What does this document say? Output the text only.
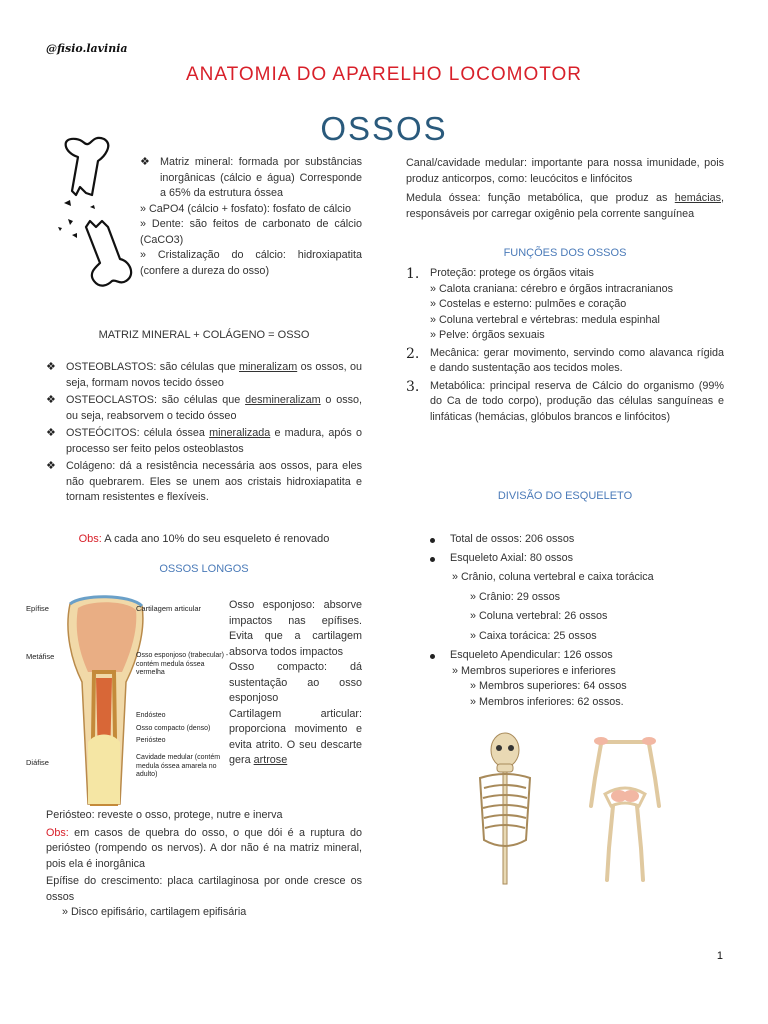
@fisio.lavinia
ANATOMIA DO APARELHO LOCOMOTOR
OSSOS
❖ Matriz mineral: formada por substâncias inorgânicas (cálcio e água) Corresponde a 65% da estrutura óssea

» CaPO4 (cálcio + fosfato): fosfato de cálcio

» Dente: são feitos de carbonato de cálcio (CaCO3)

» Cristalização do cálcio: hidroxiapatita (confere a dureza do osso)

MATRIZ MINERAL + COLÁGENO = OSSO
❖ OSTEOBLASTOS: são células que mineralizam os ossos, ou seja, formam novos tecido ósseo

❖ OSTEOCLASTOS: são células que desmineralizam o osso, ou seja, reabsorvem o tecido ósseo

❖ OSTEÓCITOS: célula óssea mineralizada e madura, após o processo ser feito pelos osteoblastos

❖ Colágeno: dá a resistência necessária aos ossos, para eles não quebrarem. Eles se unem aos cristais hidroxiapatita e tornam resistentes e flexíveis.

Obs: A cada ano 10% do seu esqueleto é renovado
OSSOS LONGOS
Epífise
Metáfise
Diáfise
Cartilagem articular
Osso esponjoso (trabecular) - contém medula óssea vermelha
Endósteo
Osso compacto (denso)
Periósteo
Cavidade medular (contém medula óssea amarela no adulto)

Osso esponjoso: absorve impactos nas epífises. Evita que a cartilagem absorva todos impactos

Osso compacto: dá sustentação ao osso esponjoso

Cartilagem articular: proporciona movimento e evita atrito. O seu descarte gera artrose

Periósteo: reveste o osso, protege, nutre e inerva

Obs: em casos de quebra do osso, o que dói é a ruptura do periósteo (rompendo os nervos). A dor não é na matriz mineral, pois ela é inorgânica

Epífise do crescimento: placa cartilaginosa por onde cresce os ossos

» Disco epifisário, cartilagem epifisária

Canal/cavidade medular: importante para nossa imunidade, pois produz anticorpos, como: leucócitos e linfócitos

Medula óssea: função metabólica, que produz as hemácias, responsáveis por carregar oxigênio pela corrente sanguínea

FUNÇÕES DOS OSSOS
1. Proteção: protege os órgãos vitais

» Calota craniana: cérebro e órgãos intracranianos

» Costelas e esterno: pulmões e coração

» Coluna vertebral e vértebras: medula espinhal

» Pelve: órgãos sexuais

2. Mecânica: gerar movimento, servindo como alavanca rígida e dando sustentação aos tecidos moles.

3. Metabólica: principal reserva de Cálcio do organismo (99% do Ca de todo corpo), produção das células sanguíneas e linfáticas (hemácias, glóbulos brancos e linfócitos)

DIVISÃO DO ESQUELETO

Total de ossos: 206 ossos

Esqueleto Axial: 80 ossos

» Crânio, coluna vertebral e caixa torácica

» Crânio: 29 ossos

» Coluna vertebral: 26 ossos

» Caixa torácica: 25 ossos

Esqueleto Apendicular: 126 ossos

» Membros superiores e inferiores

» Membros superiores: 64 ossos

» Membros inferiores: 62 ossos.

1
